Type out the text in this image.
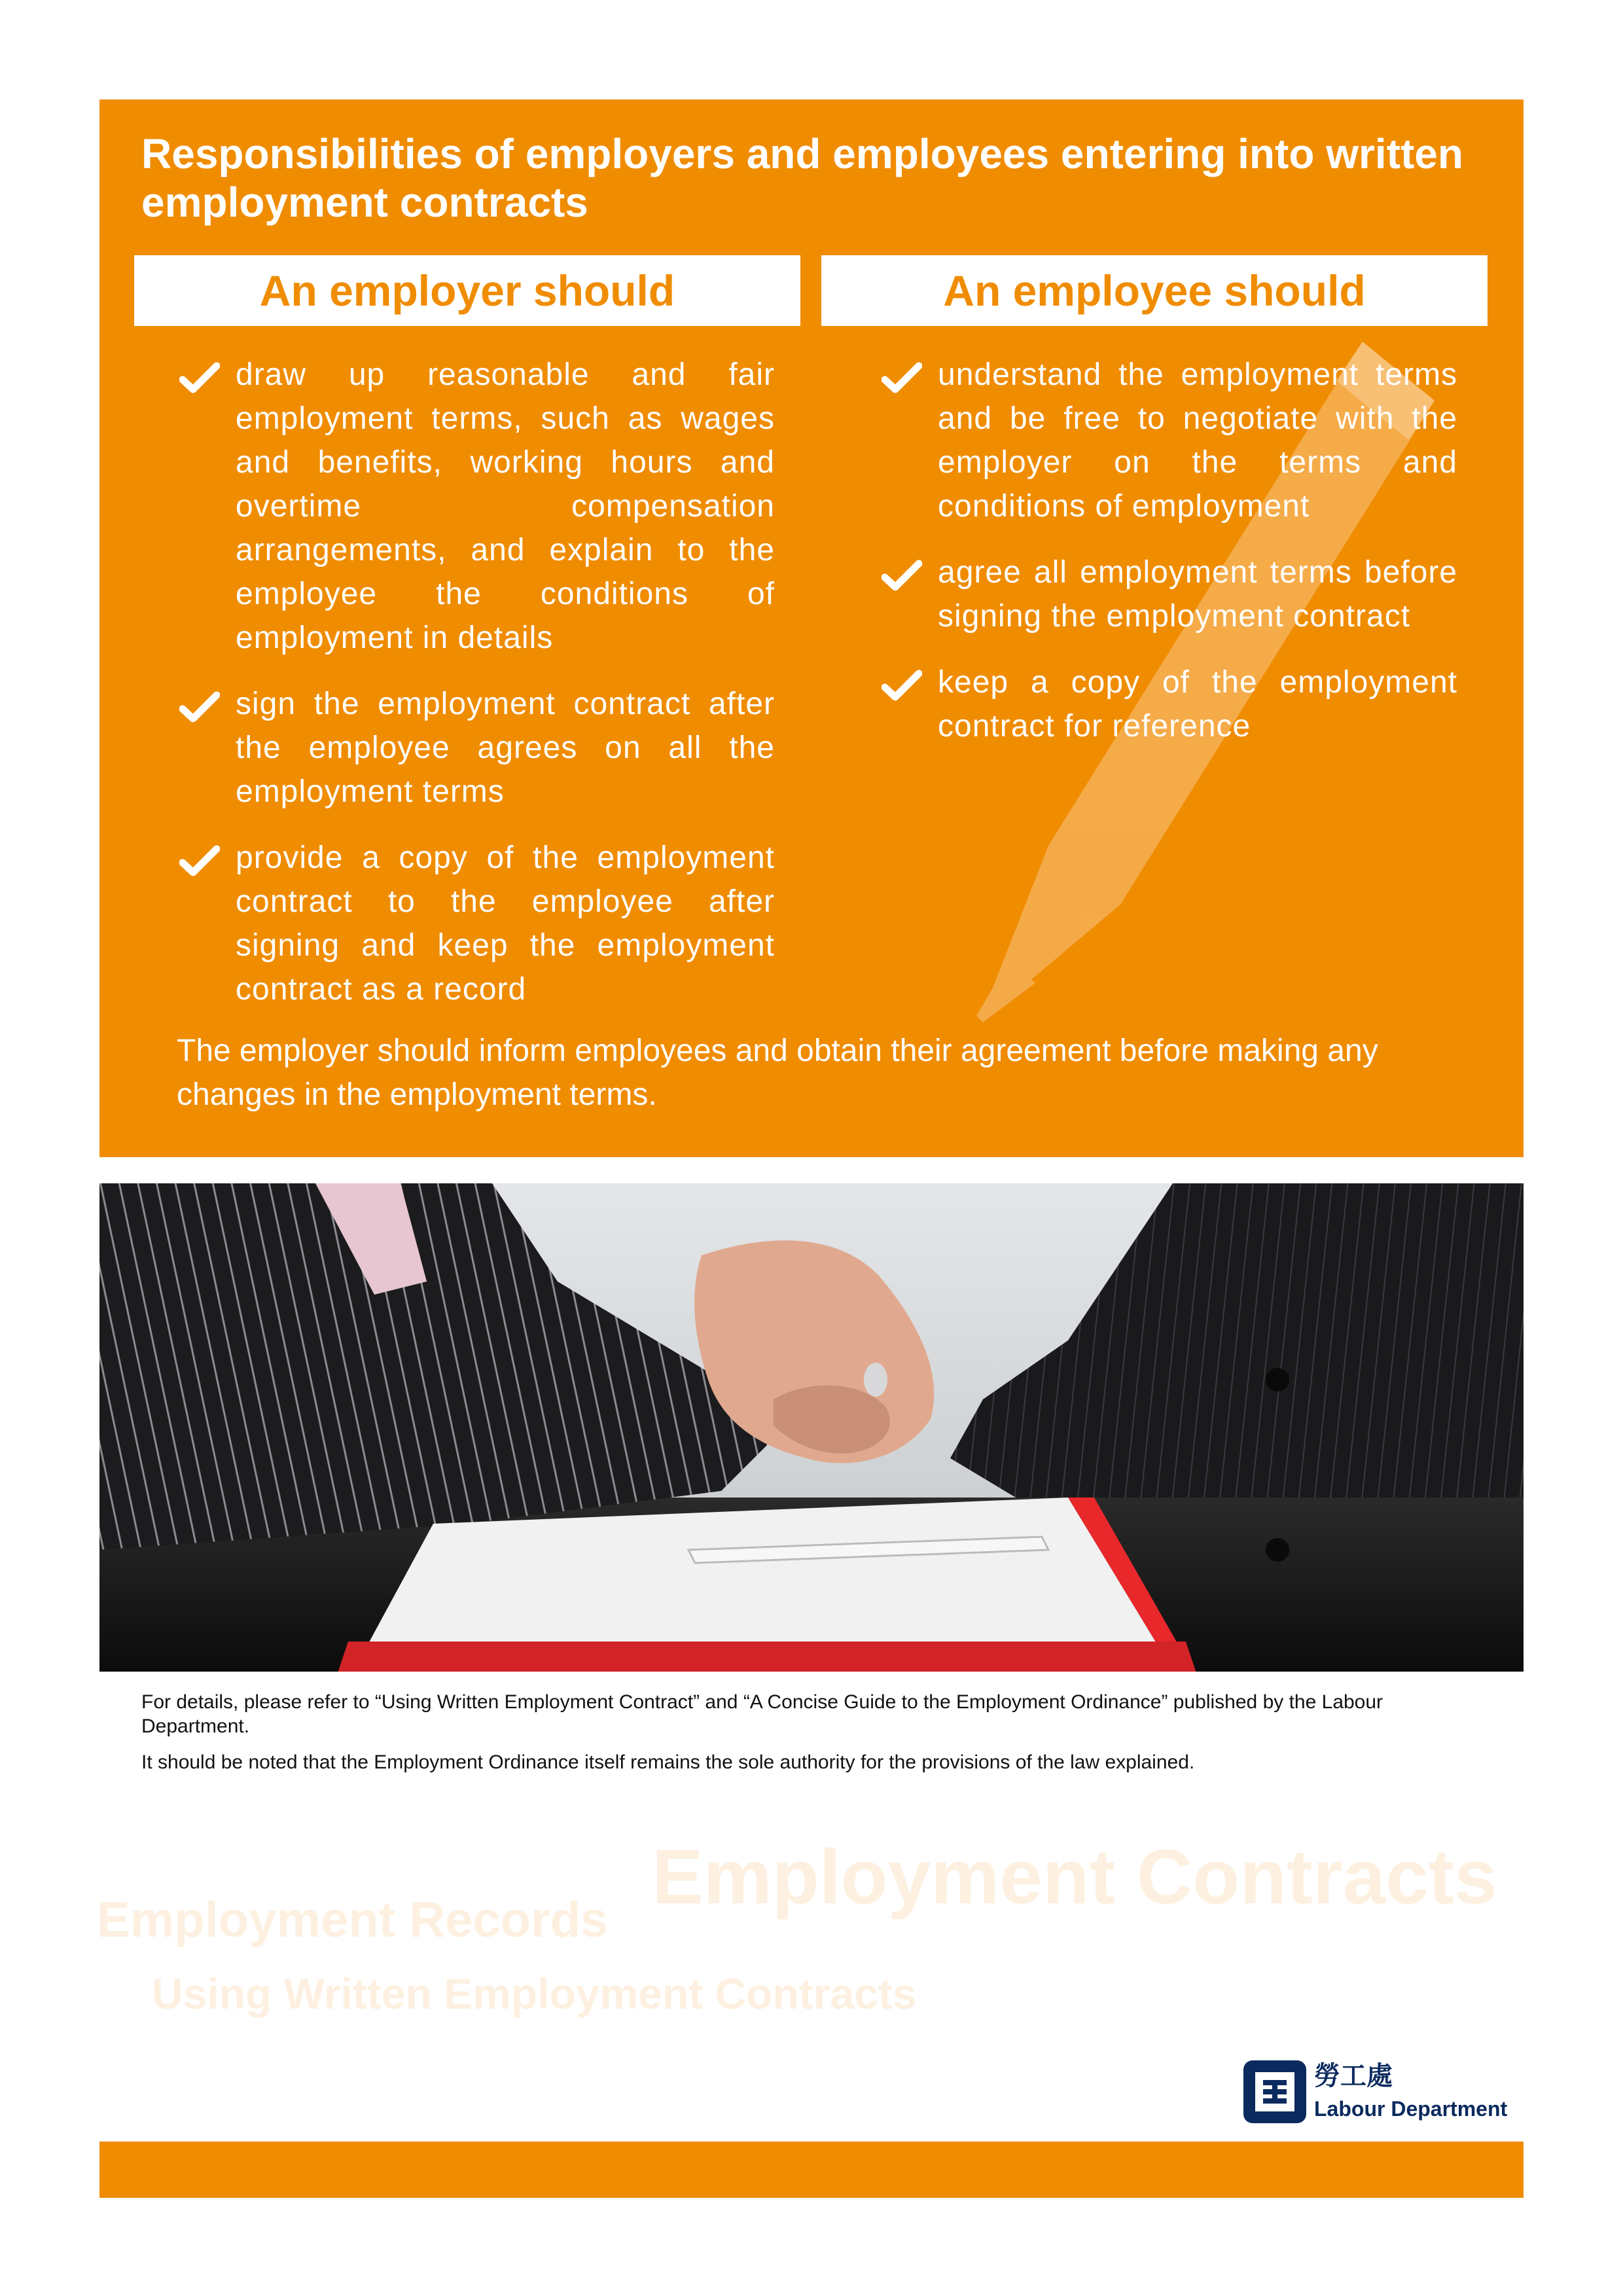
Responsibilities of employers and employees entering into written employment contracts
An employer should	An employee should
draw up reasonable and fair employment terms, such as wages and benefits, working hours and overtime compensation arrangements, and explain to the employee the conditions of employment in details
sign the employment contract after the employee agrees on all the employment terms
provide a copy of the employment contract to the employee after signing and keep the employment contract as a record
understand the employment terms and be free to negotiate with the employer on the terms and conditions of employment
agree all employment terms before signing the employment contract
keep a copy of the employment contract for reference

The employer should inform employees and obtain their agreement before making any changes in the employment terms.

For details, please refer to “Using Written Employment Contract” and “A Concise Guide to the Employment Ordinance” published by the Labour Department.

It should be noted that the Employment Ordinance itself remains the sole authority for the provisions of the law explained.

Employment Contracts

Employment Records

Using Written Employment Contracts

勞工處
Labour Department
